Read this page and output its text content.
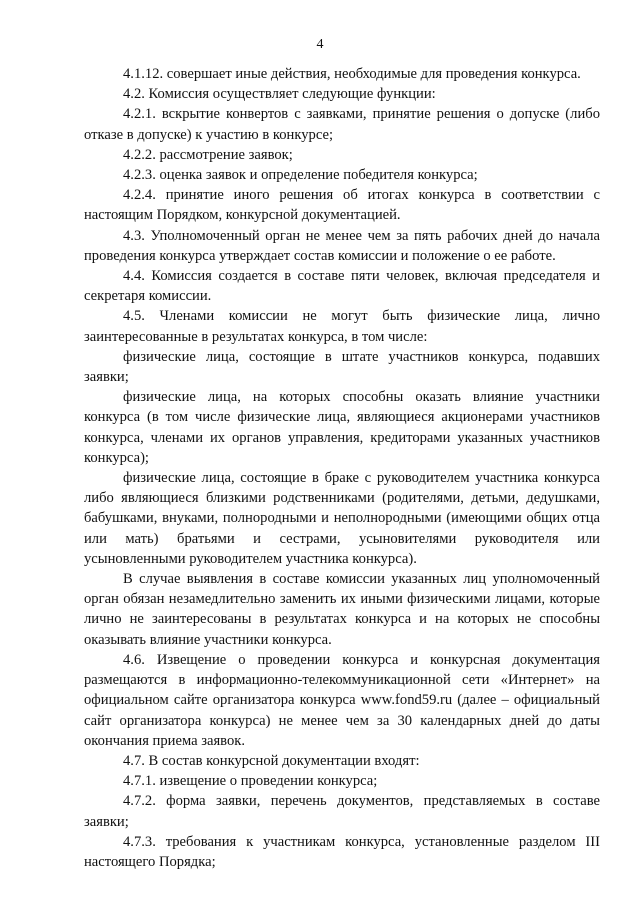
4

4.1.12. совершает иные действия, необходимые для проведения конкурса.

4.2. Комиссия осуществляет следующие функции:

4.2.1. вскрытие конвертов с заявками, принятие решения о допуске (либо отказе в допуске) к участию в конкурсе;

4.2.2. рассмотрение заявок;

4.2.3. оценка заявок и определение победителя конкурса;

4.2.4. принятие иного решения об итогах конкурса в соответствии с настоящим Порядком, конкурсной документацией.

4.3. Уполномоченный орган не менее чем за пять рабочих дней до начала проведения конкурса утверждает состав комиссии и положение о ее работе.

4.4. Комиссия создается в составе пяти человек, включая председателя и секретаря комиссии.

4.5. Членами комиссии не могут быть физические лица, лично заинтересованные в результатах конкурса, в том числе:

физические лица, состоящие в штате участников конкурса, подавших заявки;

физические лица, на которых способны оказать влияние участники конкурса (в том числе физические лица, являющиеся акционерами участников конкурса, членами их органов управления, кредиторами указанных участников конкурса);

физические лица, состоящие в браке с руководителем участника конкурса либо являющиеся близкими родственниками (родителями, детьми, дедушками, бабушками, внуками, полнородными и неполнородными (имеющими общих отца или мать) братьями и сестрами, усыновителями руководителя или усыновленными руководителем участника конкурса).

В случае выявления в составе комиссии указанных лиц уполномоченный орган обязан незамедлительно заменить их иными физическими лицами, которые лично не заинтересованы в результатах конкурса и на которых не способны оказывать влияние участники конкурса.

4.6. Извещение о проведении конкурса и конкурсная документация размещаются в информационно-телекоммуникационной сети «Интернет» на официальном сайте организатора конкурса www.fond59.ru (далее – официальный сайт организатора конкурса) не менее чем за 30 календарных дней до даты окончания приема заявок.

4.7. В состав конкурсной документации входят:

4.7.1. извещение о проведении конкурса;

4.7.2. форма заявки, перечень документов, представляемых в составе заявки;

4.7.3. требования к участникам конкурса, установленные разделом III настоящего Порядка;
